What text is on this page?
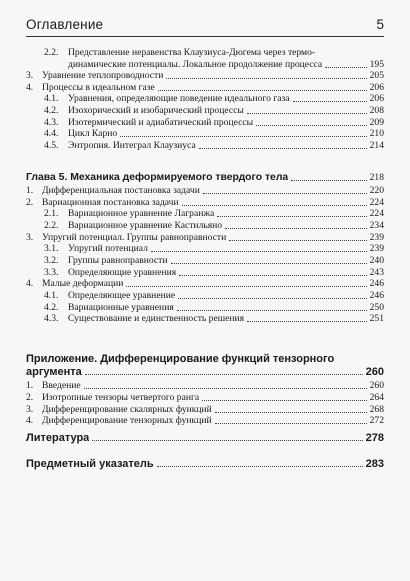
Оглавление	5
2.2.	Представление неравенства Клаузиуса-Дюгема через термо-
динамические потенциалы. Локальное продолжение процесса	195
3. Уравнение теплопроводности	205
4. Процессы в идеальном газе	206
4.1.	Уравнения, определяющие поведение идеального газа	206
4.2.	Изохорический и изобарический процессы	208
4.3.	Изотермический и адиабатический процессы	209
4.4.	Цикл Карно	210
4.5.	Энтропия. Интеграл Клаузиуса	214
Глава 5. Механика деформируемого твердого тела	218
1. Дифференциальная постановка задачи	220
2. Вариационная постановка задачи	224
2.1.	Вариационное уравнение Лагранжа	224
2.2.	Вариационное уравнение Кастильяно	234
3. Упругий потенциал. Группы равноправности	239
3.1.	Упругий потенциал	239
3.2.	Группы равноправности	240
3.3.	Определяющие уравнения	243
4. Малые деформации	246
4.1.	Определяющее уравнение	246
4.2.	Вариационные уравнения	250
4.3.	Существование и единственность решения	251
Приложение. Дифференцирование функций тензорного
аргумента	260
1. Введение	260
2. Изотропные тензоры четвертого ранга	264
3. Дифференцирование скалярных функций	268
4. Дифференцирование тензорных функций	272
Литература	278
Предметный указатель	283
